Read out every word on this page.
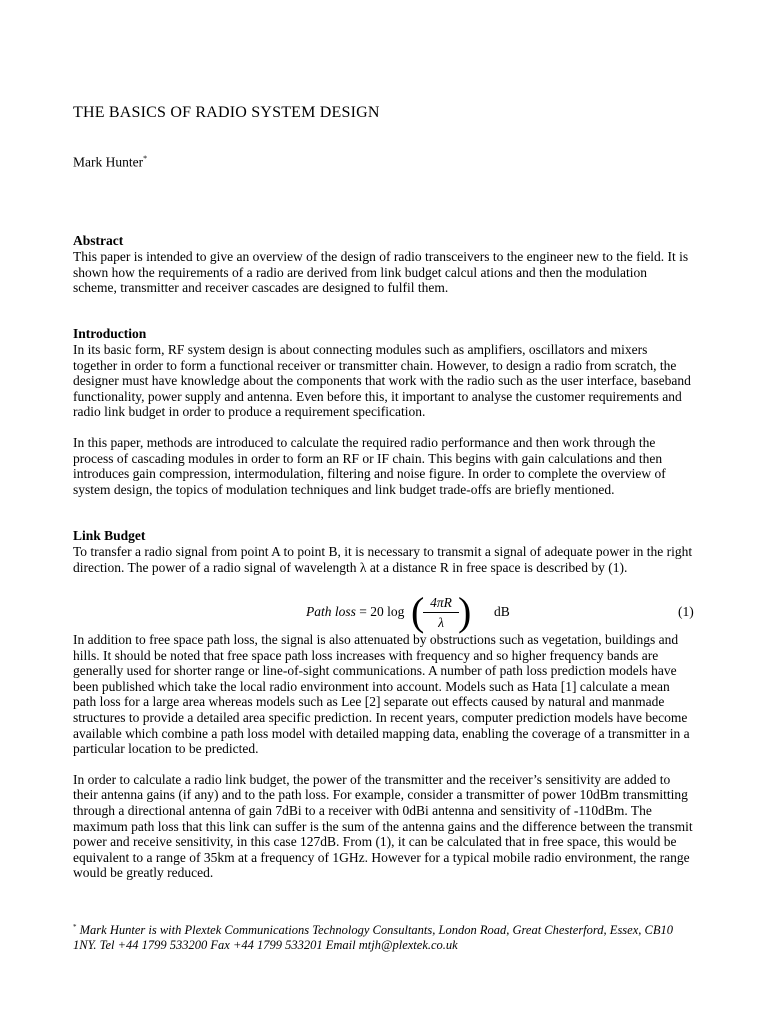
THE BASICS OF RADIO SYSTEM DESIGN
Mark Hunter*
Abstract

This paper is intended to give an overview of the design of radio transceivers to the engineer new to the field. It is shown how the requirements of a radio are derived from link budget calcul ations and then the modulation scheme, transmitter and receiver cascades are designed to fulfil them.

Introduction

In its basic form, RF system design is about connecting modules such as amplifiers, oscillators and mixers together in order to form a functional receiver or transmitter chain. However, to design a radio from scratch, the designer must have knowledge about the components that work with the radio such as the user interface, baseband functionality, power supply and antenna. Even before this, it important to analyse the customer requirements and radio link budget in order to produce a requirement specification.

In this paper, methods are introduced to calculate the required radio performance and then work through the process of cascading modules in order to form an RF or IF chain. This begins with gain calculations and then introduces gain compression, intermodulation, filtering and noise figure. In order to complete the overview of system design, the topics of modulation techniques and link budget trade-offs are briefly mentioned.

Link Budget

To transfer a radio signal from point A to point B, it is necessary to transmit a signal of adequate power in the right direction. The power of a radio signal of wavelength λ at a distance R in free space is described by (1).

Path loss = 20 log ( 4πR
λ ) dB	(1)

In addition to free space path loss, the signal is also attenuated by obstructions such as vegetation, buildings and hills. It should be noted that free space path loss increases with frequency and so higher frequency bands are generally used for shorter range or line-of-sight communications. A number of path loss prediction models have been published which take the local radio environment into account. Models such as Hata [1] calculate a mean path loss for a large area whereas models such as Lee [2] separate out effects caused by natural and manmade structures to provide a detailed area specific prediction. In recent years, computer prediction models have become available which combine a path loss model with detailed mapping data, enabling the coverage of a transmitter in a particular location to be predicted.

In order to calculate a radio link budget, the power of the transmitter and the receiver’s sensitivity are added to their antenna gains (if any) and to the path loss. For example, consider a transmitter of power 10dBm transmitting through a directional antenna of gain 7dBi to a receiver with 0dBi antenna and sensitivity of -110dBm. The maximum path loss that this link can suffer is the sum of the antenna gains and the difference between the transmit power and receive sensitivity, in this case 127dB. From (1), it can be calculated that in free space, this would be equivalent to a range of 35km at a frequency of 1GHz. However for a typical mobile radio environment, the range would be greatly reduced.

* Mark Hunter is with Plextek Communications Technology Consultants, London Road, Great Chesterford, Essex, CB10 1NY. Tel +44 1799 533200 Fax +44 1799 533201 Email mtjh@plextek.co.uk
